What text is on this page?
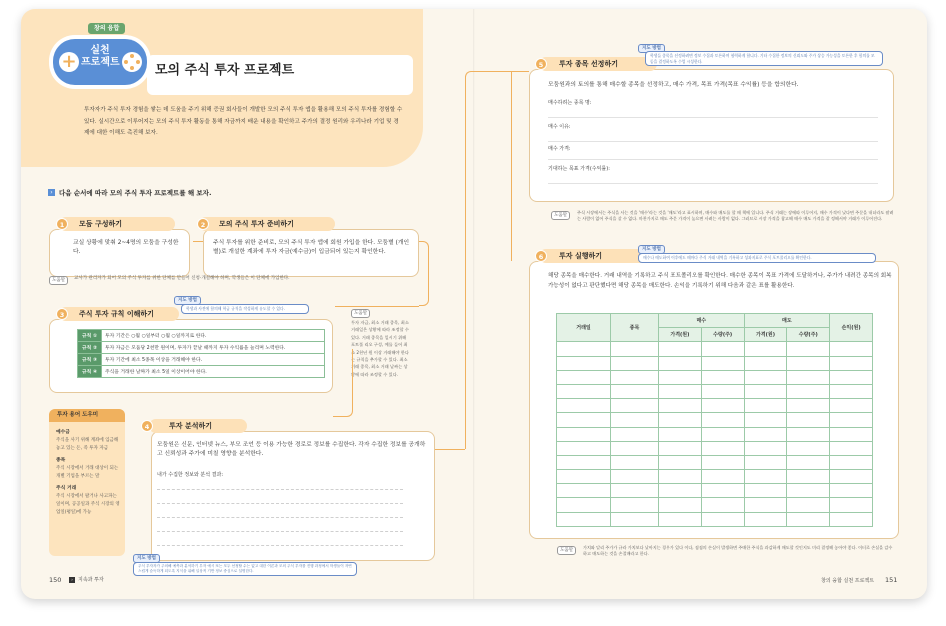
창의 융합
+
실천
프로젝트
모의 주식 투자 프로젝트
투자자가 주식 투자 경험을 쌓는 데 도움을 주기 위해 증권 회사들이 개발한 모의 주식 투자 앱을 활용해 모의 주식 투자를 경험할 수 있다. 실시간으로 이루어지는 모의 주식 투자 활동을 통해 자금까지 배운 내용을 확인하고 주가의 결정 원리와 우리나라 기업 및 경제에 대한 이해도 촉진해 보자.
› 다음 순서에 따라 모의 주식 투자 프로젝트를 해 보자.
모둠 구성하기
1
교실 상황에 맞춰 2~4명의 모둠을 구성한다.
모의 주식 투자 준비하기
2
주식 투자를 위한 준비로, 모의 주식 투자 앱에 회원 가입을 한다. 모둠별 (개인별)로 개설한 계좌에 투자 자금(예수금)이 입금되어 있는지 확인한다.
도움말	교사가 관리자가 되어 모의 주식 투자를 위한 단체를 만들어 신청·개설해야 하며, 학생들은 이 단체에 가입한다.
주식 투자 규칙 이해하기
3
지도 방법
학생과 사전에 합의해 학급 규칙을 작성하게 유도할 수 있다.
규칙 ①	투자 기간은 ○월 ○일부터 ○월 ○일까지로 한다.
규칙 ②	투자 자금은 모둠당 2천만 원이며, 투자가 끝날 때까지 투자 수익률을 늘리며 노력한다.
규칙 ③	투자 기간에 최소 5종목 이상을 거래해야 한다.
규칙 ④	주식을 거래한 날짜가 최소 5일 이상이어야 한다.
도움말
투자 자금, 최소 거래 종목, 최소 거래일은 상황에 따라 조정할 수 있다. 거래 종목을 일시기 위해 포트폴 리오 구성, 예를 들어 최소 2천년 원 이상 거래해야 한다는 규칙을 추가할 수 있다. 최소 거래 종목, 최소 거래 날짜는 상황에 따라 조정할 수 있다.
투자 용어 도우미
예수금
주식을 사기 위해 계좌에 입금해 놓고 있는 돈, 즉 투자 자금
종목
주식 시장에서 거래 대상이 되는 개별 기업을 부르는 말
주식 거래
주식 시장에서 팔거나 사고파는 일이며, 공공일과 주식 시장의 영업일(평일)에 가능
투자 분석하기
4
모둠원은 신문, 인터넷 뉴스, 부모 조언 등 이용 가능한 경로로 정보를 수집한다. 각자 수집한 정보를 공개하고 신뢰성과 주가에 미칠 영향을 분석한다.
내가 수집한 정보와 분석 결과:
지도 방법
주식 투자자가 주의해 예측과 분석하기 투자 예시 또는 모두 선정할 수는 없고 대한 이론과 모의 주식 투자를 진행 과정에서 학생들이 자연스럽게 습득하게 되도록 지식을 위해 일상적 기반 정보 중심으로 설명한다.
150	›	지속과 투자
투자 종목 선정하기
5
지도 방법
학생들 종목을 선정하려면 정보 수집과 토론하며 협력하게 합니다. 기타 수집한 정보의 신뢰도와 주가 상승 가능성을 토론한 후 합의를 모둠을 결정하도록 수업 시성한다.
모둠원과의 토의를 통해 매수할 종목을 선정하고, 매수 가격, 목표 가격(목표 수익률) 등을 합의한다.
매수하려는 종목 명:
매수 이유:
매수 가격:
기대하는 목표 가격(수익률):
도움말
주식 시장에서는 주식을 사는 것을 '매수'라는 것을 '매도'라고 표시하며, 매수와 매도를 할 때 책에 입니다. 주식 거래는 장에따 이루어지, 매수 가격이 낮다면 주문을 내더라도 팔려는 사람이 없어 주식을 살 수 없다. 마찬가지로 매도 주문 가격이 높으면 사려는 사람이 없다. 그러므로 시장 가격을 참고해 매수 매도 가격을 잘 정해서야 거래가 이루어진다.
투자 실행하기
6
지도 방법
매수나 매도하여 이후에도 때마다 주식 거래 내역을 기록하고 성과지표로 주식 포트폴리오를 확인한다.
해당 종목을 매수한다. 거래 내역을 기록하고 주식 포트폴리오를 확인한다. 매수한 종목이 목표 가격에 도달하거나, 주가가 내려간 종목의 회복 가능성이 없다고 판단했다면 해당 종목을 매도한다. 손익을 기록하기 위해 다음과 같은 표를 활용한다.
거래일	종목	매수		매도		손익(원)
		가격(원)	수량(주)	가격(원)	수량(주)	

도움말
가치와 달리 주가가 규라 가치보다 낮아지는 경우가 있다 이다, 점점의 손실이 발생하면 주매한 주식을 과감하게 매도할 것인지도 미리 결정해 놓아야 좋다. 이터로 손실을 감수하고 매도하는 것을 손절매라고 한다.
창의 융합 실천 프로젝트 151
